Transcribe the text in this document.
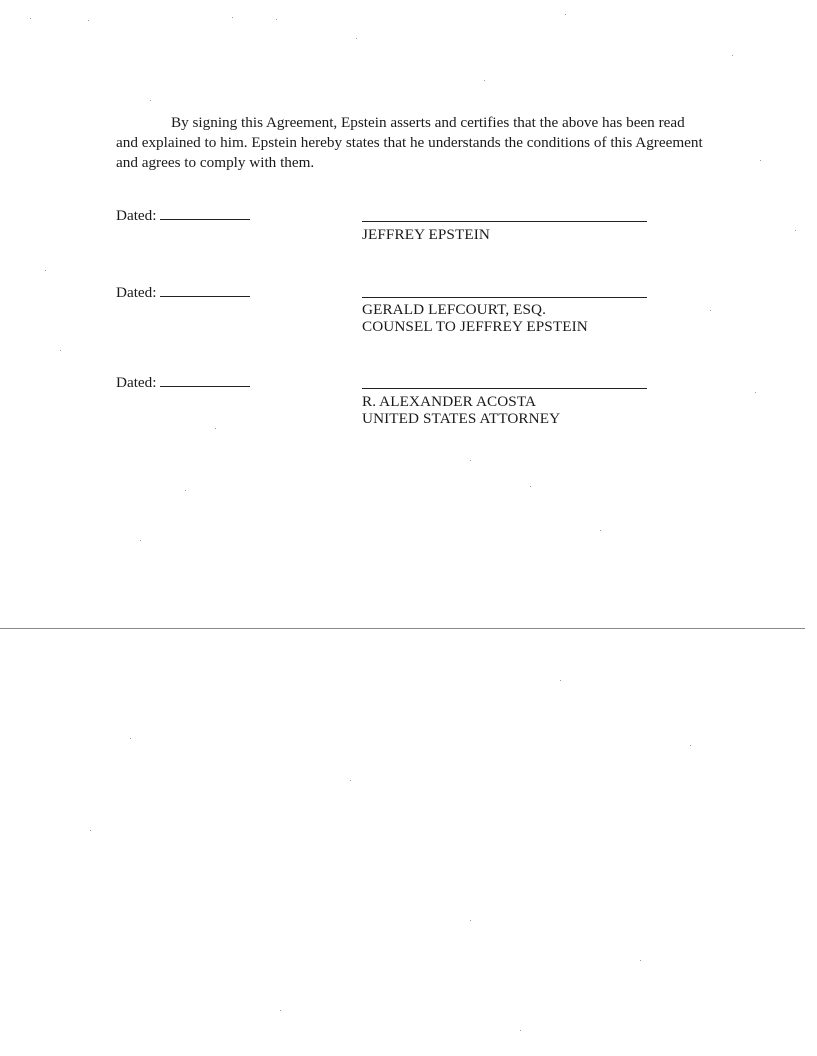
By signing this Agreement, Epstein asserts and certifies that the above has been read and explained to him. Epstein hereby states that he understands the conditions of this Agreement and agrees to comply with them.

Dated:
JEFFREY EPSTEIN
Dated:
GERALD LEFCOURT, ESQ.
COUNSEL TO JEFFREY EPSTEIN
Dated:
R. ALEXANDER ACOSTA
UNITED STATES ATTORNEY
